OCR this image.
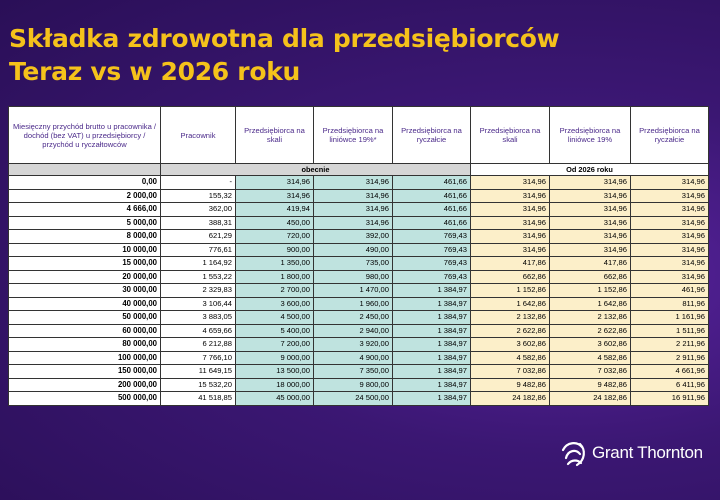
Składka zdrowotna dla przedsiębiorców
Teraz vs w 2026 roku
Miesięczny przychód brutto u pracownika / dochód (bez VAT) u przedsiębiorcy / przychód u ryczałtowców	Pracownik	Przedsiębiorca na skali	Przedsiębiorca na liniówce 19%*	Przedsiębiorca na ryczałcie	Przedsiębiorca na skali	Przedsiębiorca na liniówce 19%	Przedsiębiorca na ryczałcie
	obecnie				Od 2026 roku		
0,00	-	314,96	314,96	461,66	314,96	314,96	314,96
2 000,00	155,32	314,96	314,96	461,66	314,96	314,96	314,96
4 666,00	362,00	419,94	314,96	461,66	314,96	314,96	314,96
5 000,00	388,31	450,00	314,96	461,66	314,96	314,96	314,96
8 000,00	621,29	720,00	392,00	769,43	314,96	314,96	314,96
10 000,00	776,61	900,00	490,00	769,43	314,96	314,96	314,96
15 000,00	1 164,92	1 350,00	735,00	769,43	417,86	417,86	314,96
20 000,00	1 553,22	1 800,00	980,00	769,43	662,86	662,86	314,96
30 000,00	2 329,83	2 700,00	1 470,00	1 384,97	1 152,86	1 152,86	461,96
40 000,00	3 106,44	3 600,00	1 960,00	1 384,97	1 642,86	1 642,86	811,96
50 000,00	3 883,05	4 500,00	2 450,00	1 384,97	2 132,86	2 132,86	1 161,96
60 000,00	4 659,66	5 400,00	2 940,00	1 384,97	2 622,86	2 622,86	1 511,96
80 000,00	6 212,88	7 200,00	3 920,00	1 384,97	3 602,86	3 602,86	2 211,96
100 000,00	7 766,10	9 000,00	4 900,00	1 384,97	4 582,86	4 582,86	2 911,96
150 000,00	11 649,15	13 500,00	7 350,00	1 384,97	7 032,86	7 032,86	4 661,96
200 000,00	15 532,20	18 000,00	9 800,00	1 384,97	9 482,86	9 482,86	6 411,96
500 000,00	41 518,85	45 000,00	24 500,00	1 384,97	24 182,86	24 182,86	16 911,96
Grant Thornton
